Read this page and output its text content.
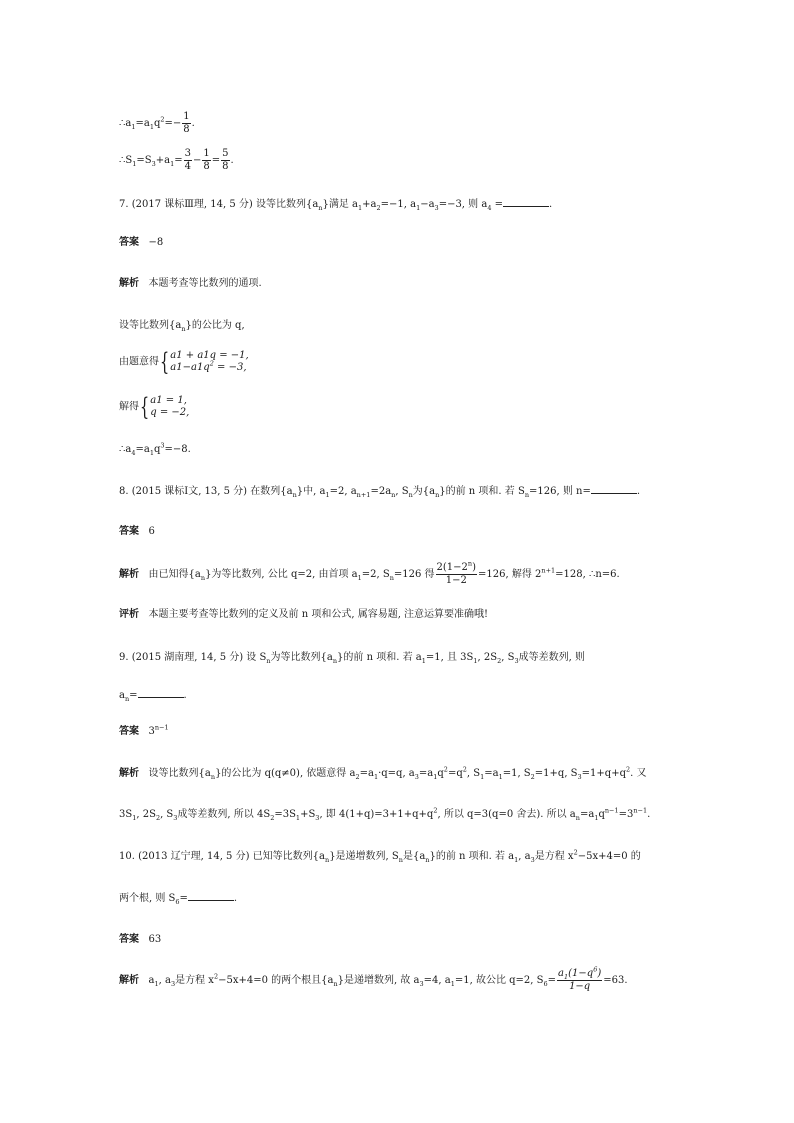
$\therefore a_1=a_1q^2=- \frac{1}{8}$ .
$\therefore S_1=S_3+a_1= \frac{3}{4} - \frac{1}{8} = \frac{5}{8}$ .
7. (2017 课标Ⅲ理, 14, 5 分) 设等比数列$\{a_n\}$满足 $a_1+a_2=-1$, $a_1-a_3=-3$, 则 $a_4$ =	.
答案 −8
解析 本题考查等比数列的通项.
设等比数列$\{a_n\}$的公比为 q,
由题意得{ a1 + a1q = −1,
$a1-a1q^2 = -3$,
解得{ a1 = 1,
q = −2,
$\therefore a_4=a_1q^3=-8$.
8. (2015 课标Ⅰ文, 13, 5 分) 在数列$\{a_n\}$中, $a_1=2$, $a_{n+1}=2a_n$, $S_n$为$\{a_n\}$的前 n 项和. 若 $S_n=126$, 则 n=	.
答案 6
解析 由已知得$\{a_n\}$为等比数列, 公比 q=2, 由首项 $a_1=2$, $S_n=126$ 得 $\frac{2(1-2^n)}{1-2} =126$, 解得 $2^{n+1}=128$, ∴n=6.
评析 本题主要考查等比数列的定义及前 n 项和公式, 属容易题, 注意运算要准确哦!
9. (2015 湖南理, 14, 5 分) 设 $S_n$为等比数列$\{a_n\}$的前 n 项和. 若 $a_1=1$, 且 $3S_1$, $2S_2$, $S_3$成等差数列, 则
$a_n=$	.
答案 $3^{n-1}$
解析 设等比数列$\{a_n\}$的公比为 q(q≠0), 依题意得 $a_2=a_1\cdot q=q$, $a_3=a_1q^2=q^2$, $S_1=a_1=1$, $S_2=1+q$, $S_3=1+q+q^2$. 又
$3S_1$, $2S_2$, $S_3$成等差数列, 所以 $4S_2=3S_1+S_3$, 即 $4(1+q)=3+1+q+q^2$, 所以 q=3(q=0 舍去). 所以 $a_n=a_1q^{n-1}=3^{n-1}$.
10. (2013 辽宁理, 14, 5 分) 已知等比数列$\{a_n\}$是递增数列, $S_n$是$\{a_n\}$的前 n 项和. 若 $a_1$, $a_3$是方程 $x^2-5x+4=0$ 的
两个根, 则 $S_6=$	.
答案 63
解析 $a_1$, $a_3$是方程 $x^2-5x+4=0$ 的两个根且$\{a_n\}$是递增数列, 故 $a_3=4$, $a_1=1$, 故公比 q=2, $S_6= \frac{a_1(1-q^6)}{1-q} =63$.
